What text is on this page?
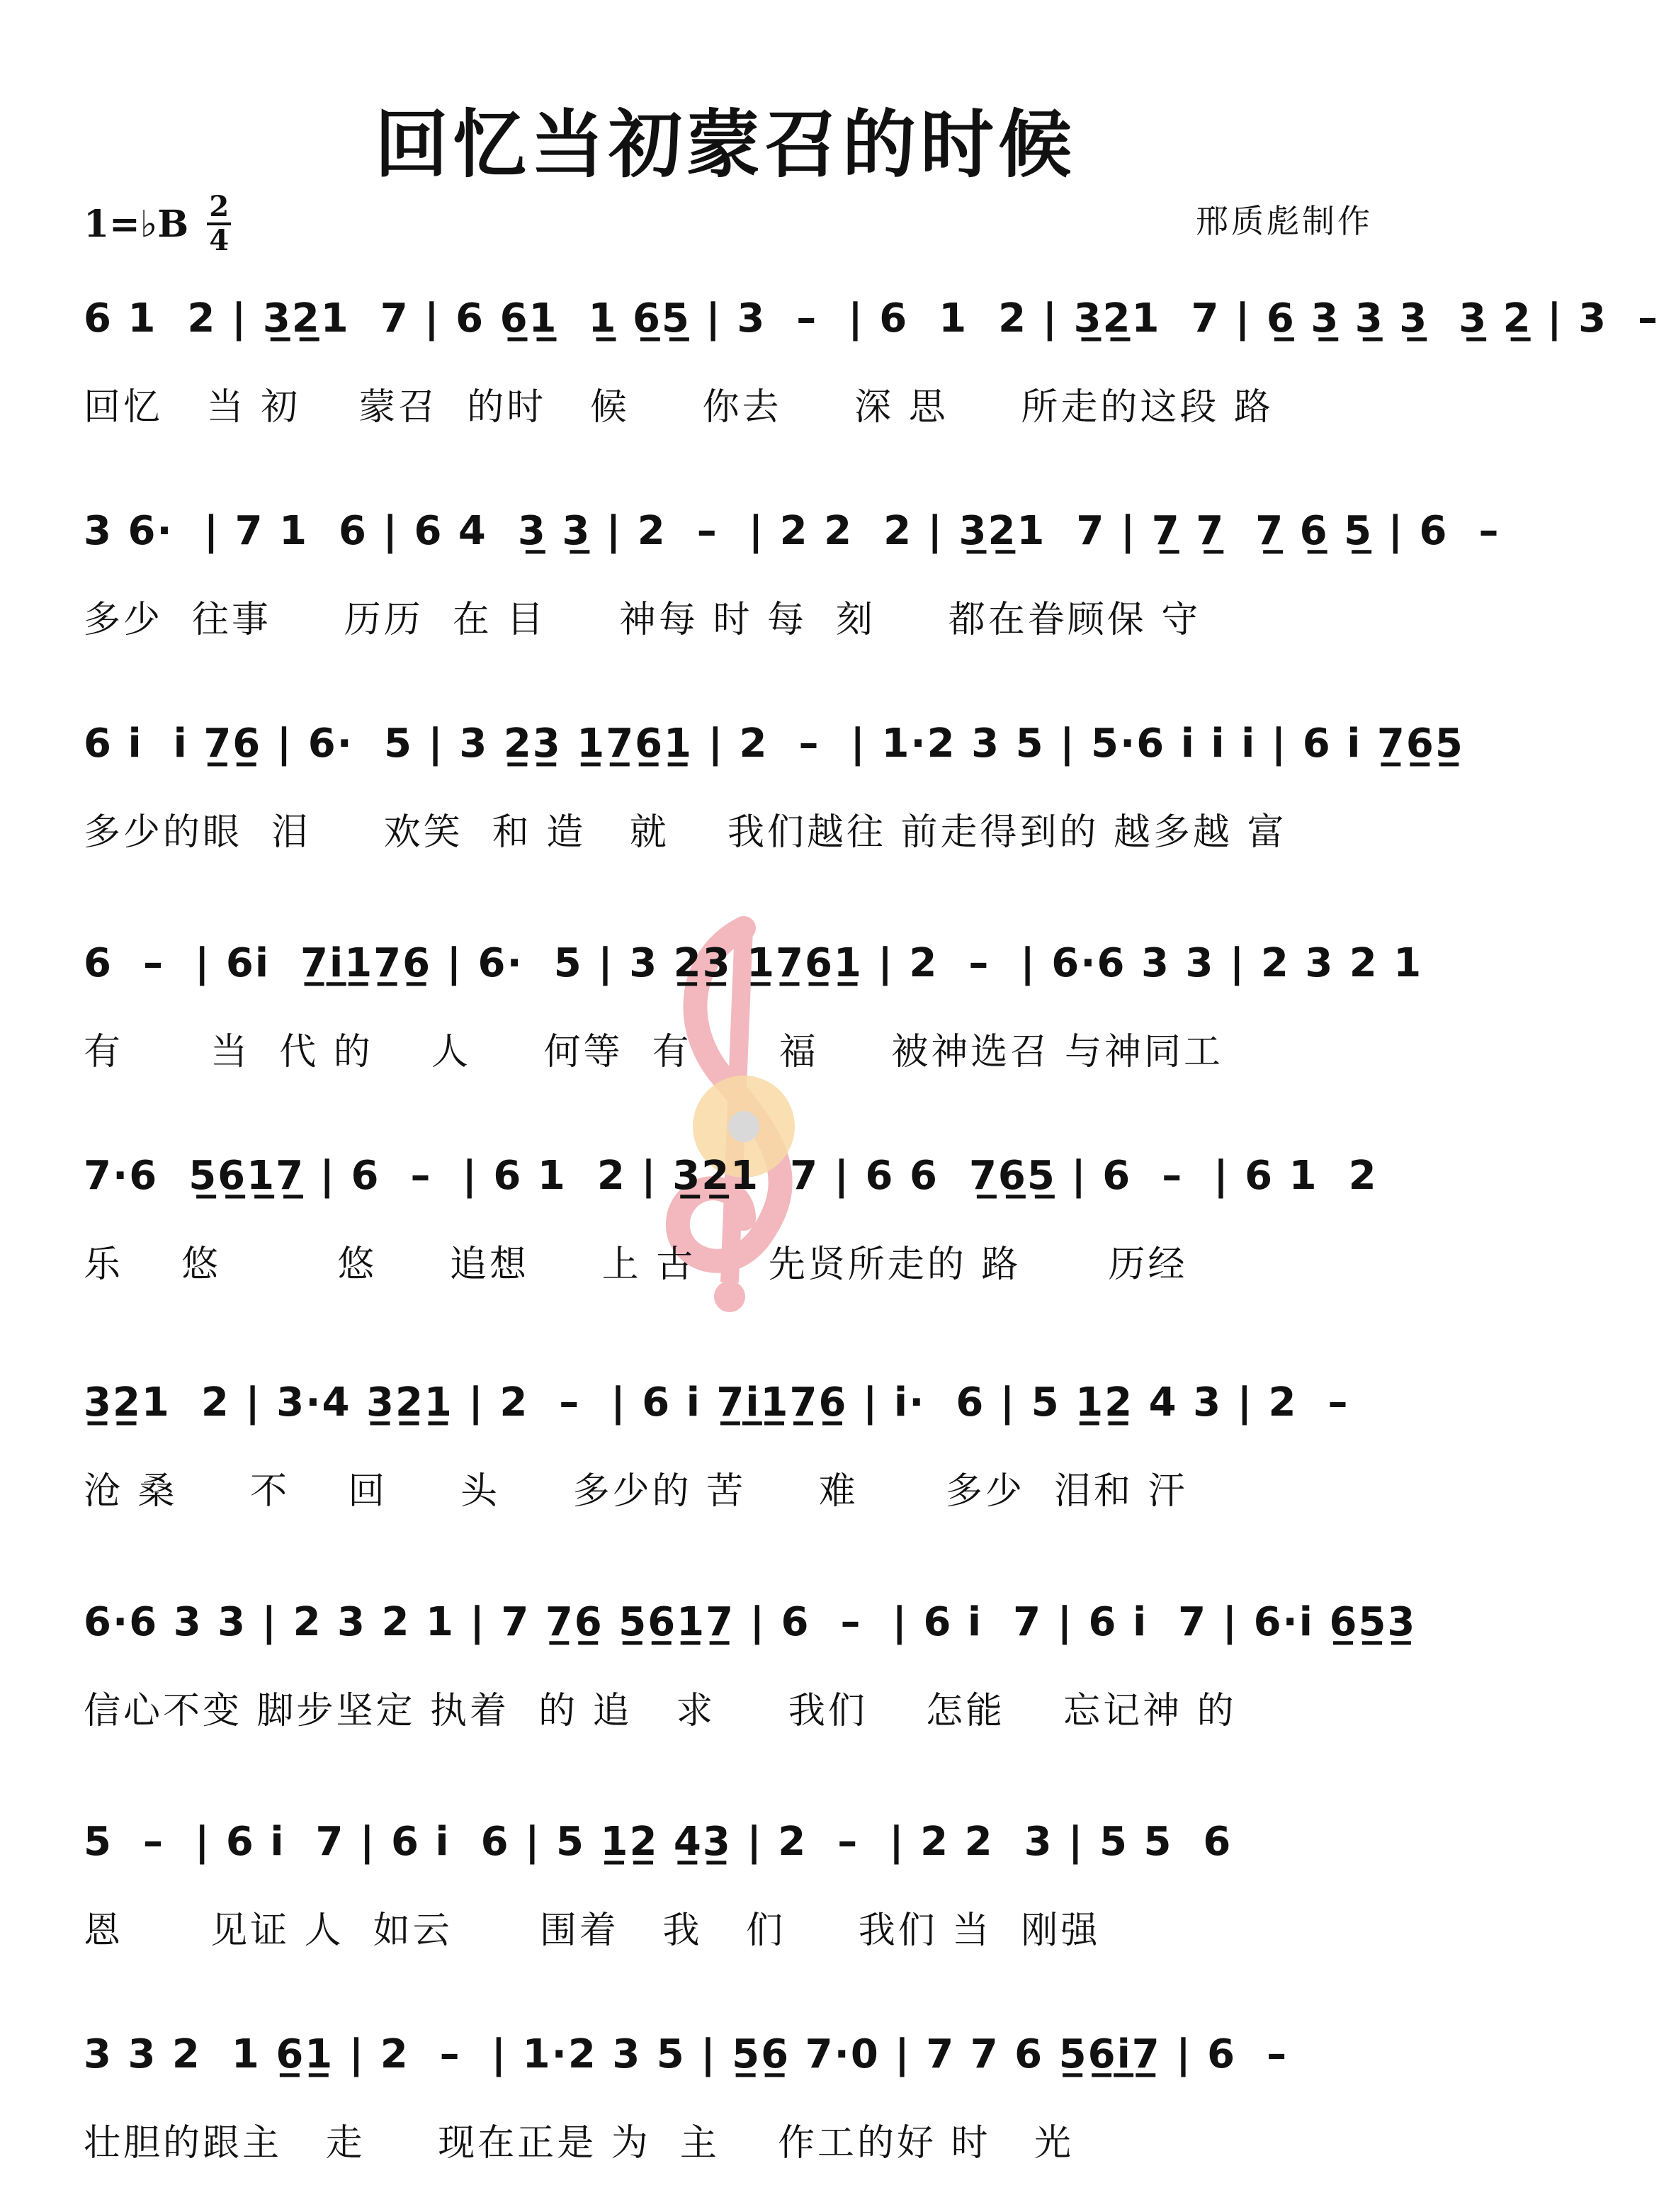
回忆当初蒙召的时候
1=♭B 2
4
邢质彪制作
6 1  2 | 3̲2̲1  7 | 6 6̲1̲  1̲ 6̲5̲ | 3  –  | 6  1  2 | 3̲2̲1  7 | 6̲ 3̲ 3̲ 3̲  3̲ 2̲ | 3  –
回忆   当 初    蒙召  的时   候     你去     深 思     所走的这段 路
3 6·  | 7 1  6 | 6 4  3̲ 3̲ | 2  –  | 2 2  2 | 3̲2̲1  7 | 7̲ 7̲  7̲ 6̲ 5̲ | 6  –
多少  往事     历历  在 目     神每 时 每  刻     都在眷顾保 守
6 i  i 7̲6̲ | 6·  5 | 3 2̲3̲ 1̲7̲6̲1̲ | 2  –  | 1·2 3 5 | 5·6 i i i | 6 i 7̲6̲5̲
多少的眼  泪     欢笑  和 造   就    我们越往 前走得到的 越多越 富
6  –  | 6i  7̲i̲1̲7̲6̲ | 6·  5 | 3 2̲3̲ 1̲7̲6̲1̲ | 2  –  | 6·6 3 3 | 2 3 2 1
有      当  代 的    人     何等  有      福     被神选召 与神同工
7·6  5̲6̲1̲7̲ | 6  –  | 6 1  2 | 3̲2̲1  7 | 6 6  7̲6̲5̲ | 6  –  | 6 1  2
乐    悠        悠     追想     上 古     先贤所走的 路      历经
3̲2̲1  2 | 3·4 3̲2̲1̲ | 2  –  | 6 i 7̲i̲1̲7̲6̲ | i·  6 | 5 1̲2̲ 4 3 | 2  –
沧 桑     不    回     头     多少的 苦     难      多少  泪和 汗
6·6 3 3 | 2 3 2 1 | 7 7̲6̲ 5̲6̲1̲7̲ | 6  –  | 6 i  7 | 6 i  7 | 6·i 6̲5̲3̲
信心不变 脚步坚定 执着  的 追   求     我们    怎能    忘记神 的
5  –  | 6 i  7 | 6 i  6 | 5 1̲2̲ 4̲3̲ | 2  –  | 2 2  3 | 5 5  6
恩      见证 人  如云      围着   我   们     我们 当  刚强
3 3 2  1 6̲1̲ | 2  –  | 1·2 3 5 | 5̲6̲ 7·0 | 7 7 6 5̲6̲i̲7̲ | 6  –
壮胆的跟主   走     现在正是 为  主    作工的好 时   光
